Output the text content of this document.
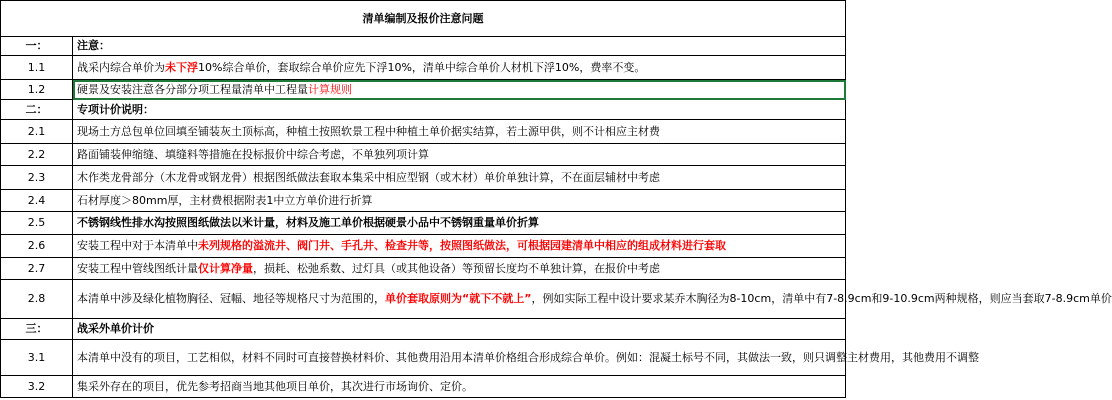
清单编制及报价注意问题	
一：	注意：
1.1	战采内综合单价为未下浮10%综合单价，套取综合单价应先下浮10%，清单中综合单价人材机下浮10%，费率不变。
1.2	硬景及安装注意各分部分项工程量清单中工程量计算规则
二：	专项计价说明：
2.1	现场土方总包单位回填至铺装灰土顶标高，种植土按照软景工程中种植土单价据实结算，若土源甲供，则不计相应主材费
2.2	路面铺装伸缩缝、填缝料等措施在投标报价中综合考虑，不单独列项计算
2.3	木作类龙骨部分（木龙骨或钢龙骨）根据图纸做法套取本集采中相应型钢（或木材）单价单独计算，不在面层辅材中考虑
2.4	石材厚度＞80mm厚，主材费根据附表1中立方单价进行折算
2.5	不锈钢线性排水沟按照图纸做法以米计量，材料及施工单价根据硬景小品中不锈钢重量单价折算
2.6	安装工程中对于本清单中未列规格的溢流井、阀门井、手孔井、检查井等，按照图纸做法，可根据园建清单中相应的组成材料进行套取
2.7	安装工程中管线图纸计量仅计算净量，损耗、松弛系数、过灯具（或其他设备）等预留长度均不单独计算，在报价中考虑
2.8	本清单中涉及绿化植物胸径、冠幅、地径等规格尺寸为范围的，单价套取原则为“就下不就上”，例如实际工程中设计要求某乔木胸径为8-10cm，清单中有7-8.9cm和9-10.9cm两种规格，则应当套取7-8.9cm单价
三：	战采外单价计价
3.1	本清单中没有的项目，工艺相似，材料不同时可直接替换材料价、其他费用沿用本清单价格组合形成综合单价。例如：混凝土标号不同，其做法一致，则只调整主材费用，其他费用不调整
3.2	集采外存在的项目，优先参考招商当地其他项目单价，其次进行市场询价、定价。
